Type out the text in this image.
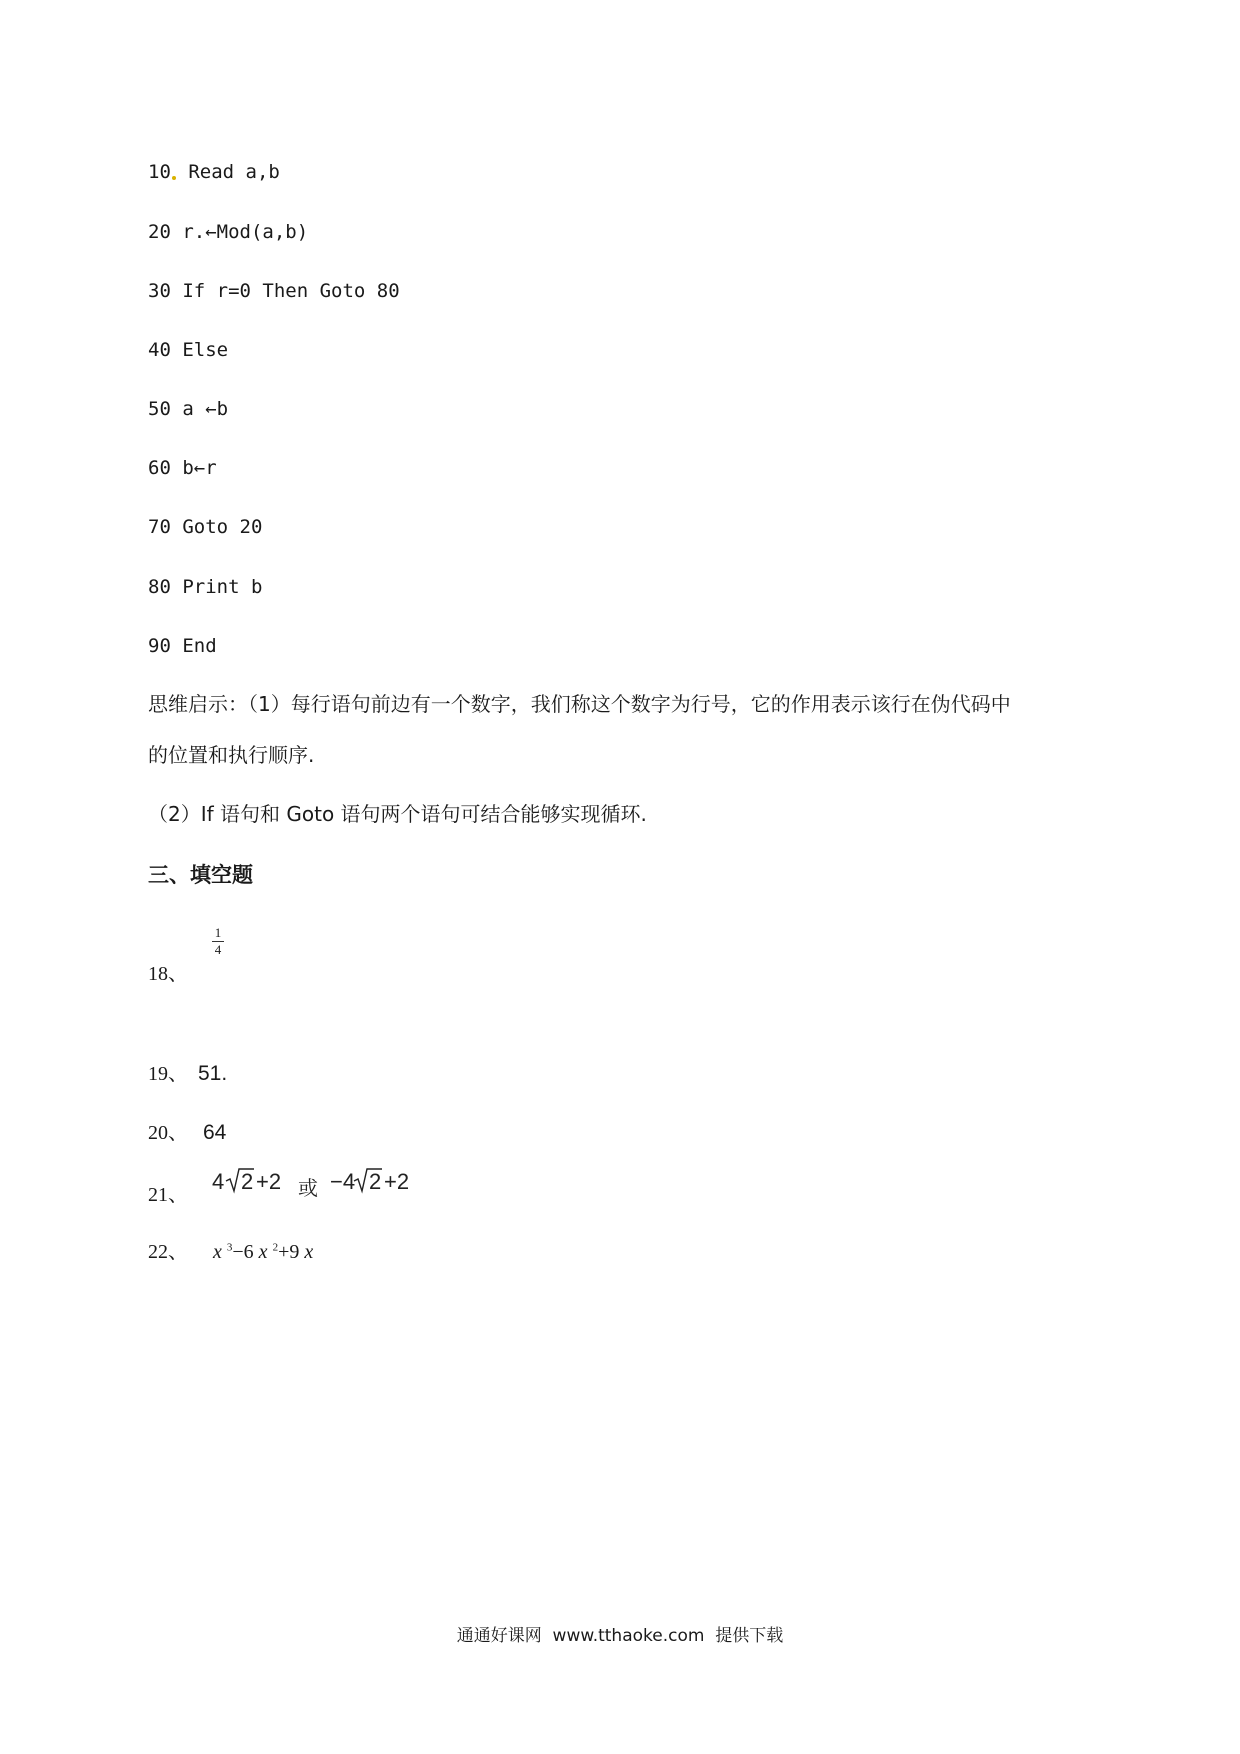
10 Read a,b
20 r.←Mod(a,b)
30 If r=0 Then Goto 80
40 Else
50 a ←b
60 b←r
70 Goto 20
80 Print b
90 End
思维启示：（1）每行语句前边有一个数字，我们称这个数字为行号，它的作用表示该行在伪代码中
的位置和执行顺序.
（2）If 语句和 Goto 语句两个语句可结合能够实现循环.
三、填空题
18、
1
4
19、 51.
20、 64
21、
4 2 +2 或 −4 2 +2
22、 x $^3$−6 x $^2$+9 x
通通好课网  www.tthaoke.com  提供下载
